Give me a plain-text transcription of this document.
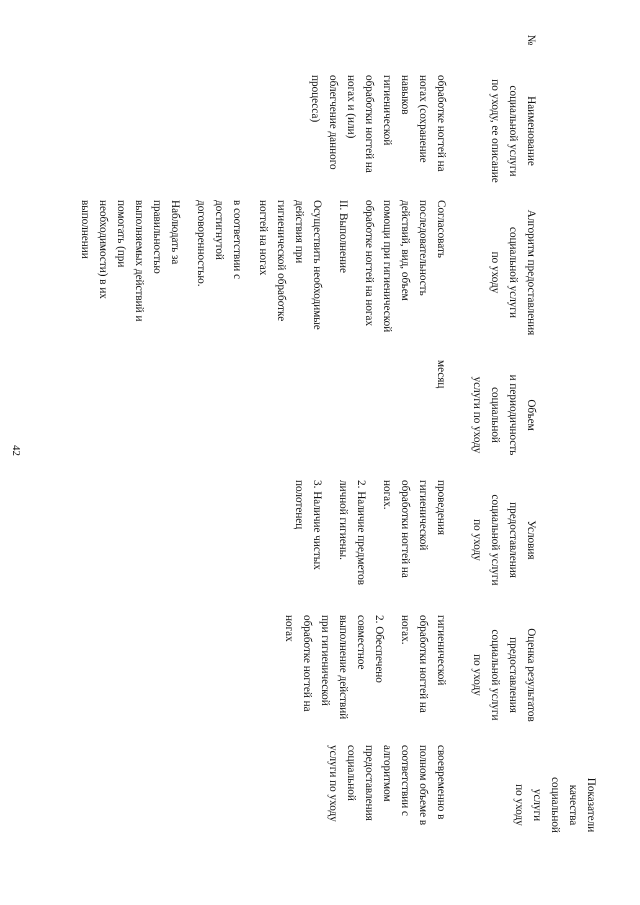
42
№
Наименование
социальной услуги
по уходу, ее описание
обработке ногтей на
ногах (сохранение
навыков
гигиенической
обработки ногтей на
ногах и (или)
облегчение данного
процесса)
Алгоритм предоставления
социальной услуги
по уходу

Согласовать
последовательность
действий, вид, объем
помощи при гигиенической
обработке ногтей на ногах

II. Выполнение

Осуществить необходимые
действия при
гигиенической обработке
ногтей на ногах

в соответствии с
достигнутой
договоренностью.

Наблюдать за
правильностью
выполняемых действий и
помогать (при
необходимости) в их
выполнении

Объем
и периодичность
социальной
услуги по уходу
месяц
Условия
предоставления
социальной услуги
по уходу

проведения
гигиенической
обработки ногтей на
ногах.

2. Наличие предметов
личной гигиены.

3. Наличие чистых
полотенец

Оценка результатов
предоставления
социальной услуги
по уходу

гигиенической
обработки ногтей на
ногах.

2. Обеспечено
совместное
выполнение действий
при гигиенической
обработке ногтей на
ногах

Показатели
качества
социальной
услуги
по уходу
своевременно в
полном объеме в
соответствии с
алгоритмом
предоставления
социальной
услуги по уходу
